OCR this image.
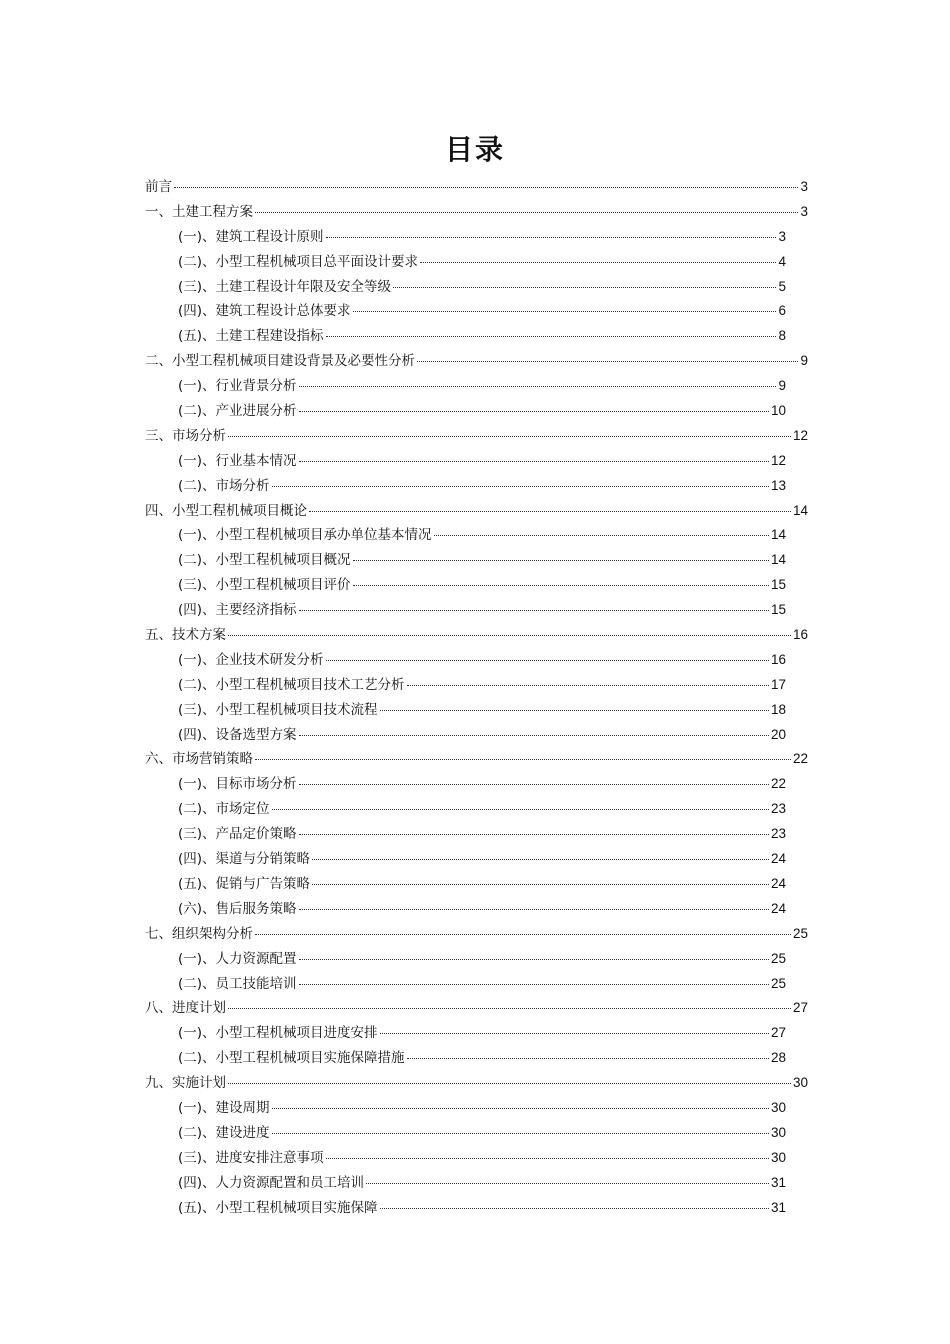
目录
前言	3
一、土建工程方案	3
(一)、建筑工程设计原则	3
(二)、小型工程机械项目总平面设计要求	4
(三)、土建工程设计年限及安全等级	5
(四)、建筑工程设计总体要求	6
(五)、土建工程建设指标	8
二、小型工程机械项目建设背景及必要性分析	9
(一)、行业背景分析	9
(二)、产业进展分析	10
三、市场分析	12
(一)、行业基本情况	12
(二)、市场分析	13
四、小型工程机械项目概论	14
(一)、小型工程机械项目承办单位基本情况	14
(二)、小型工程机械项目概况	14
(三)、小型工程机械项目评价	15
(四)、主要经济指标	15
五、技术方案	16
(一)、企业技术研发分析	16
(二)、小型工程机械项目技术工艺分析	17
(三)、小型工程机械项目技术流程	18
(四)、设备选型方案	20
六、市场营销策略	22
(一)、目标市场分析	22
(二)、市场定位	23
(三)、产品定价策略	23
(四)、渠道与分销策略	24
(五)、促销与广告策略	24
(六)、售后服务策略	24
七、组织架构分析	25
(一)、人力资源配置	25
(二)、员工技能培训	25
八、进度计划	27
(一)、小型工程机械项目进度安排	27
(二)、小型工程机械项目实施保障措施	28
九、实施计划	30
(一)、建设周期	30
(二)、建设进度	30
(三)、进度安排注意事项	30
(四)、人力资源配置和员工培训	31
(五)、小型工程机械项目实施保障	31
